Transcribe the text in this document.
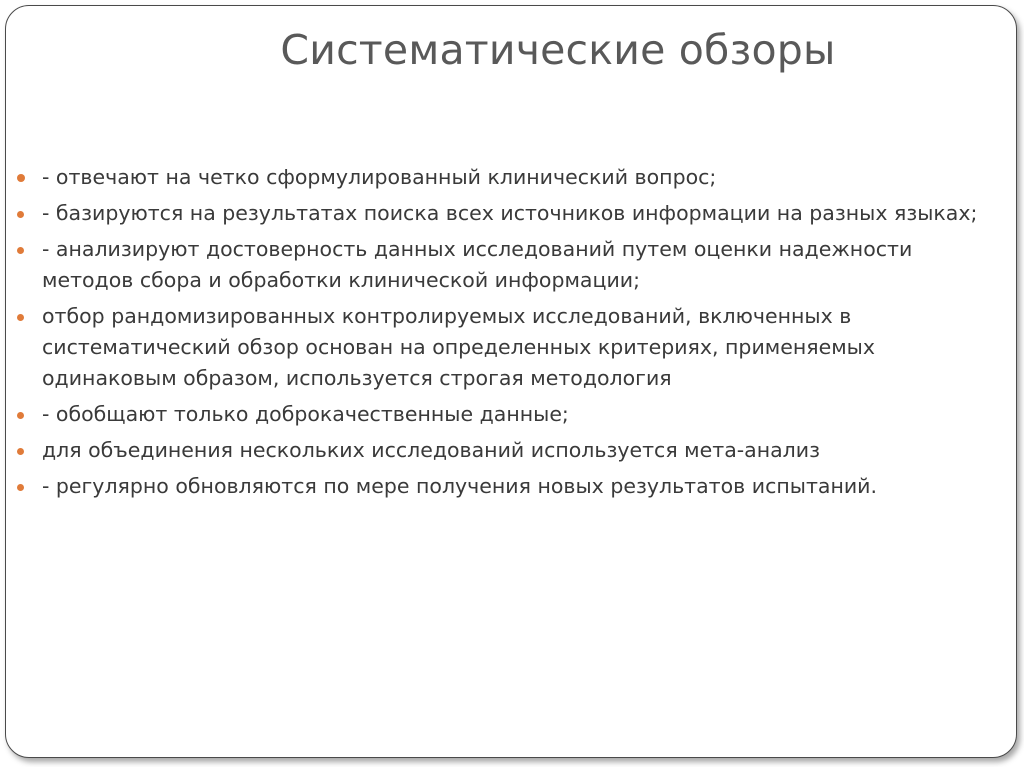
Систематические обзоры
- отвечают на четко сформулированный клинический вопрос;
- базируются на результатах поиска всех источников информации на разных языках;
- анализируют достоверность данных исследований путем оценки надежности методов сбора и обработки клинической информации;
отбор рандомизированных контролируемых исследований, включенных в систематический обзор основан на определенных критериях, применяемых одинаковым образом, используется строгая методология
- обобщают только доброкачественные данные;
для объединения нескольких исследований используется мета-анализ
- регулярно обновляются по мере получения новых результатов испытаний.
